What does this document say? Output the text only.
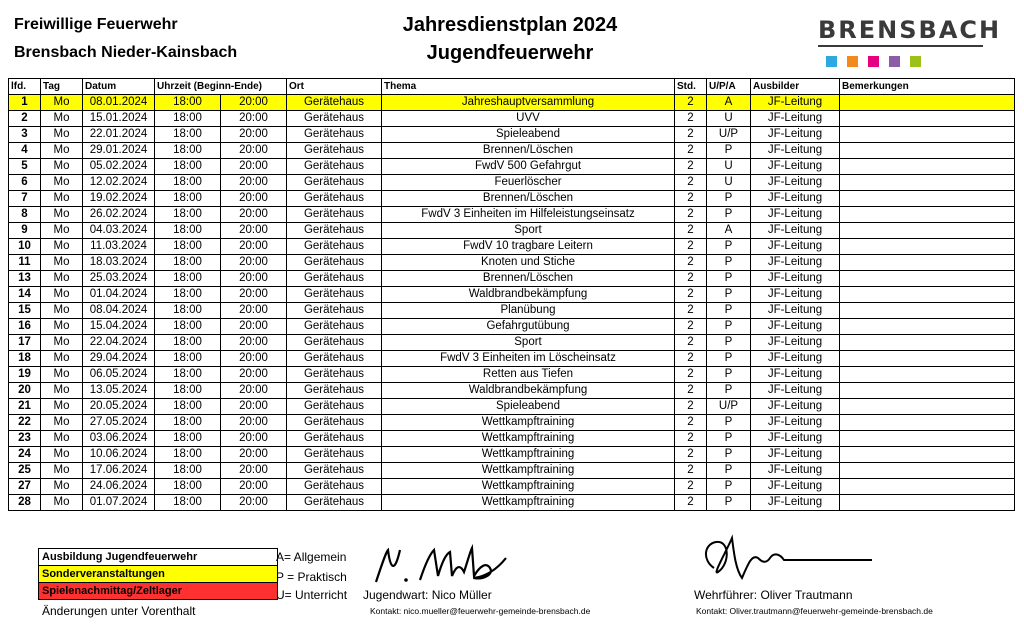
Freiwillige Feuerwehr
Brensbach Nieder-Kainsbach
Jahresdienstplan 2024
Jugendfeuerwehr
BRENSBACH
lfd.	Tag	Datum	Uhrzeit (Beginn-Ende)		Ort	Thema	Std.	U/P/A	Ausbilder	Bemerkungen
1	Mo	08.01.2024	18:00	20:00	Gerätehaus	Jahreshauptversammlung	2	A	JF-Leitung	
2	Mo	15.01.2024	18:00	20:00	Gerätehaus	UVV	2	U	JF-Leitung	
3	Mo	22.01.2024	18:00	20:00	Gerätehaus	Spieleabend	2	U/P	JF-Leitung	
4	Mo	29.01.2024	18:00	20:00	Gerätehaus	Brennen/Löschen	2	P	JF-Leitung	
5	Mo	05.02.2024	18:00	20:00	Gerätehaus	FwdV 500 Gefahrgut	2	U	JF-Leitung	
6	Mo	12.02.2024	18:00	20:00	Gerätehaus	Feuerlöscher	2	U	JF-Leitung	
7	Mo	19.02.2024	18:00	20:00	Gerätehaus	Brennen/Löschen	2	P	JF-Leitung	
8	Mo	26.02.2024	18:00	20:00	Gerätehaus	FwdV 3 Einheiten im Hilfeleistungseinsatz	2	P	JF-Leitung	
9	Mo	04.03.2024	18:00	20:00	Gerätehaus	Sport	2	A	JF-Leitung	
10	Mo	11.03.2024	18:00	20:00	Gerätehaus	FwdV 10 tragbare Leitern	2	P	JF-Leitung	
11	Mo	18.03.2024	18:00	20:00	Gerätehaus	Knoten und Stiche	2	P	JF-Leitung	
13	Mo	25.03.2024	18:00	20:00	Gerätehaus	Brennen/Löschen	2	P	JF-Leitung	
14	Mo	01.04.2024	18:00	20:00	Gerätehaus	Waldbrandbekämpfung	2	P	JF-Leitung	
15	Mo	08.04.2024	18:00	20:00	Gerätehaus	Planübung	2	P	JF-Leitung	
16	Mo	15.04.2024	18:00	20:00	Gerätehaus	Gefahrgutübung	2	P	JF-Leitung	
17	Mo	22.04.2024	18:00	20:00	Gerätehaus	Sport	2	P	JF-Leitung	
18	Mo	29.04.2024	18:00	20:00	Gerätehaus	FwdV 3 Einheiten im Löscheinsatz	2	P	JF-Leitung	
19	Mo	06.05.2024	18:00	20:00	Gerätehaus	Retten aus Tiefen	2	P	JF-Leitung	
20	Mo	13.05.2024	18:00	20:00	Gerätehaus	Waldbrandbekämpfung	2	P	JF-Leitung	
21	Mo	20.05.2024	18:00	20:00	Gerätehaus	Spieleabend	2	U/P	JF-Leitung	
22	Mo	27.05.2024	18:00	20:00	Gerätehaus	Wettkampftraining	2	P	JF-Leitung	
23	Mo	03.06.2024	18:00	20:00	Gerätehaus	Wettkampftraining	2	P	JF-Leitung	
24	Mo	10.06.2024	18:00	20:00	Gerätehaus	Wettkampftraining	2	P	JF-Leitung	
25	Mo	17.06.2024	18:00	20:00	Gerätehaus	Wettkampftraining	2	P	JF-Leitung	
27	Mo	24.06.2024	18:00	20:00	Gerätehaus	Wettkampftraining	2	P	JF-Leitung	
28	Mo	01.07.2024	18:00	20:00	Gerätehaus	Wettkampftraining	2	P	JF-Leitung	
Ausbildung Jugendfeuerwehr
Sonderveranstaltungen
Spielenachmittag/Zeltlager
Änderungen unter Vorenthalt
A= Allgemein
P = Praktisch
U= Unterricht Jugendwart: Nico Müller
Kontakt: nico.mueller@feuerwehr-gemeinde-brensbach.de
Wehrführer: Oliver Trautmann
Kontakt: Oliver.trautmann@feuerwehr-gemeinde-brensbach.de
